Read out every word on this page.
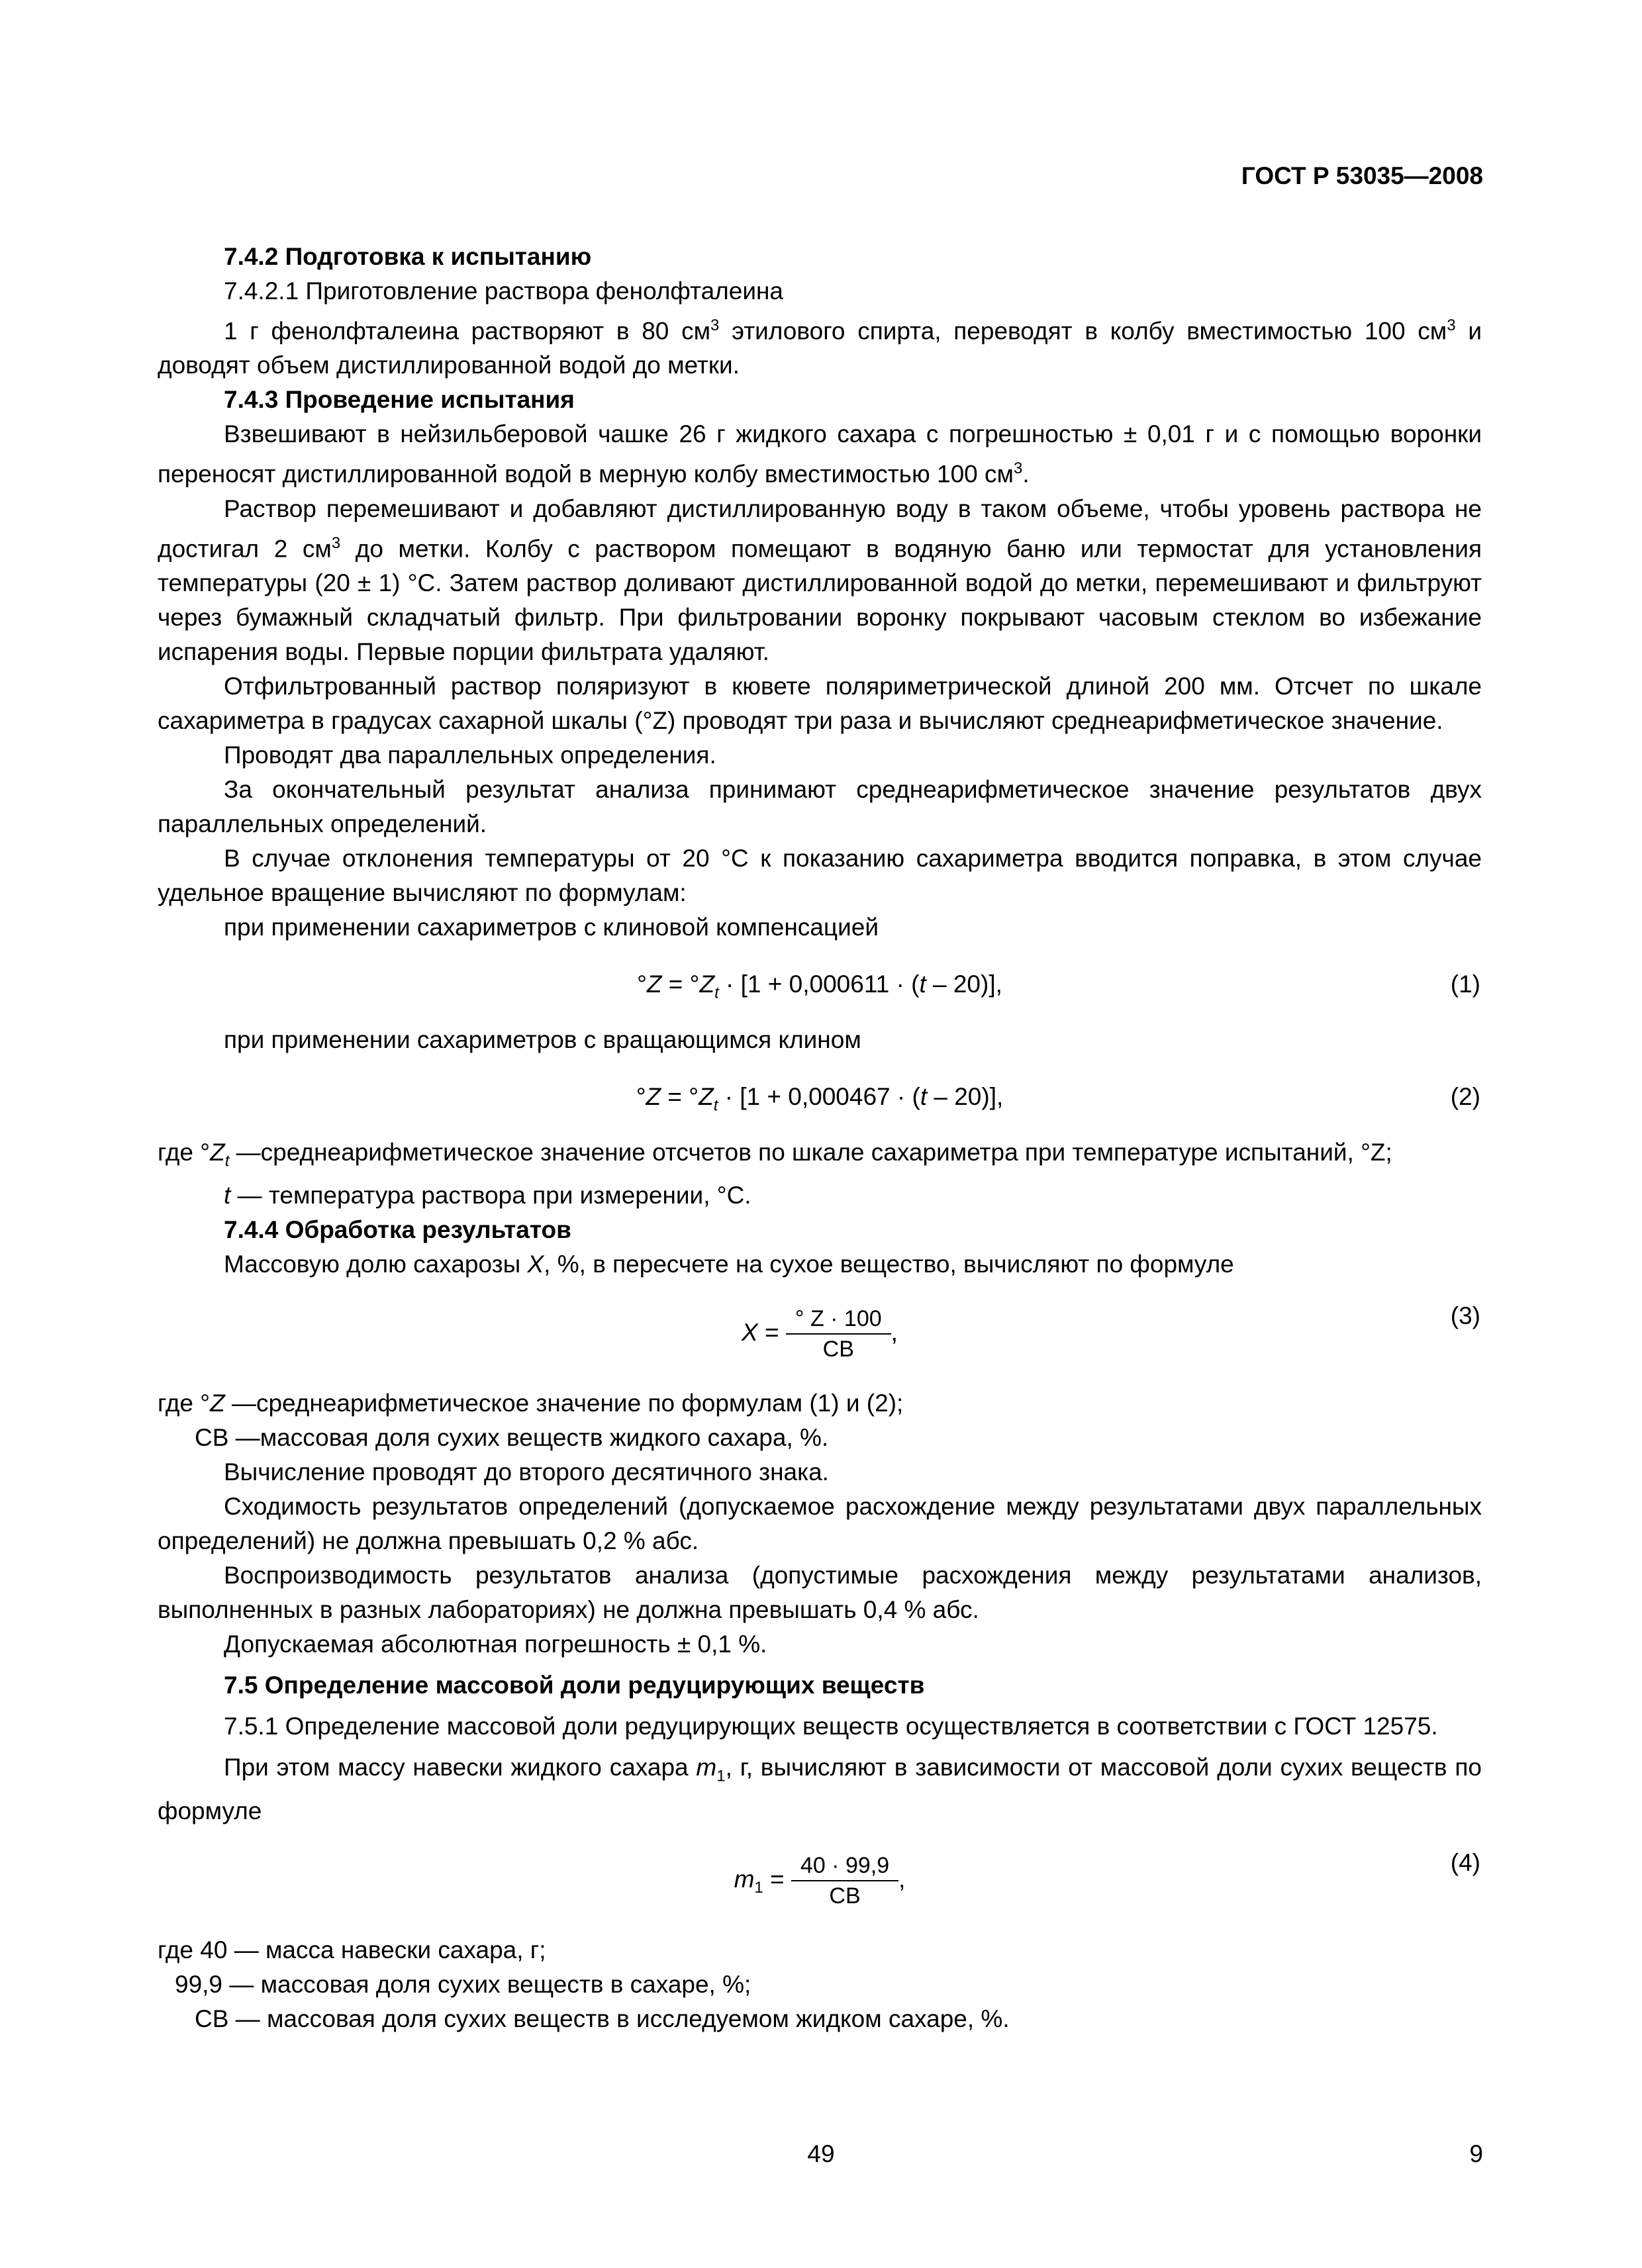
ГОСТ Р 53035—2008
7.4.2 Подготовка к испытанию
7.4.2.1 Приготовление раствора фенолфталеина

1 г фенолфталеина растворяют в 80 $см^3$ этилового спирта, переводят в колбу вместимостью 100 $см^3$ и доводят объем дистиллированной водой до метки.

7.4.3 Проведение испытания

Взвешивают в нейзильберовой чашке 26 г жидкого сахара с погрешностью ± 0,01 г и с помощью воронки переносят дистиллированной водой в мерную колбу вместимостью 100 $см^3$.

Раствор перемешивают и добавляют дистиллированную воду в таком объеме, чтобы уровень раствора не достигал 2 $см^3$ до метки. Колбу с раствором помещают в водяную баню или термостат для установления температуры (20 ± 1) °С. Затем раствор доливают дистиллированной водой до метки, перемешивают и фильтруют через бумажный складчатый фильтр. При фильтровании воронку покрывают часовым стеклом во избежание испарения воды. Первые порции фильтрата удаляют.

Отфильтрованный раствор поляризуют в кювете поляриметрической длиной 200 мм. Отсчет по шкале сахариметра в градусах сахарной шкалы (°Z) проводят три раза и вычисляют среднеарифметическое значение.

Проводят два параллельных определения.

За окончательный результат анализа принимают среднеарифметическое значение результатов двух параллельных определений.

В случае отклонения температуры от 20 °С к показанию сахариметра вводится поправка, в этом случае удельное вращение вычисляют по формулам:

при применении сахариметров с клиновой компенсацией

$^\circ Z = ^\circ Z_t \cdot [1 + 0,000611 \cdot (t - 20)]$,	(1)

при применении сахариметров с вращающимся клином

$^\circ Z = ^\circ Z_t \cdot [1 + 0,000467 \cdot (t - 20)]$,	(2)
где $^\circ Z_t$ — среднеарифметическое значение отсчетов по шкале сахариметра при температуре испытаний, °Z;
t — температура раствора при измерении, °С.
7.4.4 Обработка результатов

Массовую долю сахарозы X, %, в пересчете на сухое вещество, вычисляют по формуле

$X = \frac{^\circ Z \cdot 100}{СВ}$ ,
(3)
где °Z — среднеарифметическое значение по формулам (1) и (2);
СВ — массовая доля сухих веществ жидкого сахара, %.

Вычисление проводят до второго десятичного знака.

Сходимость результатов определений (допускаемое расхождение между результатами двух параллельных определений) не должна превышать 0,2 % абс.

Воспроизводимость результатов анализа (допустимые расхождения между результатами анализов, выполненных в разных лабораториях) не должна превышать 0,4 % абс.

Допускаемая абсолютная погрешность ± 0,1 %.

7.5 Определение массовой доли редуцирующих веществ

7.5.1 Определение массовой доли редуцирующих веществ осуществляется в соответствии с ГОСТ 12575.

При этом массу навески жидкого сахара $m_1$, г, вычисляют в зависимости от массовой доли сухих веществ по формуле

$m_1 = \frac{40 \cdot 99,9}{СВ}$ ,
(4)
где 40 — масса навески сахара, г;
99,9 — массовая доля сухих веществ в сахаре, %;
СВ — массовая доля сухих веществ в исследуемом жидком сахаре, %.
49	9
